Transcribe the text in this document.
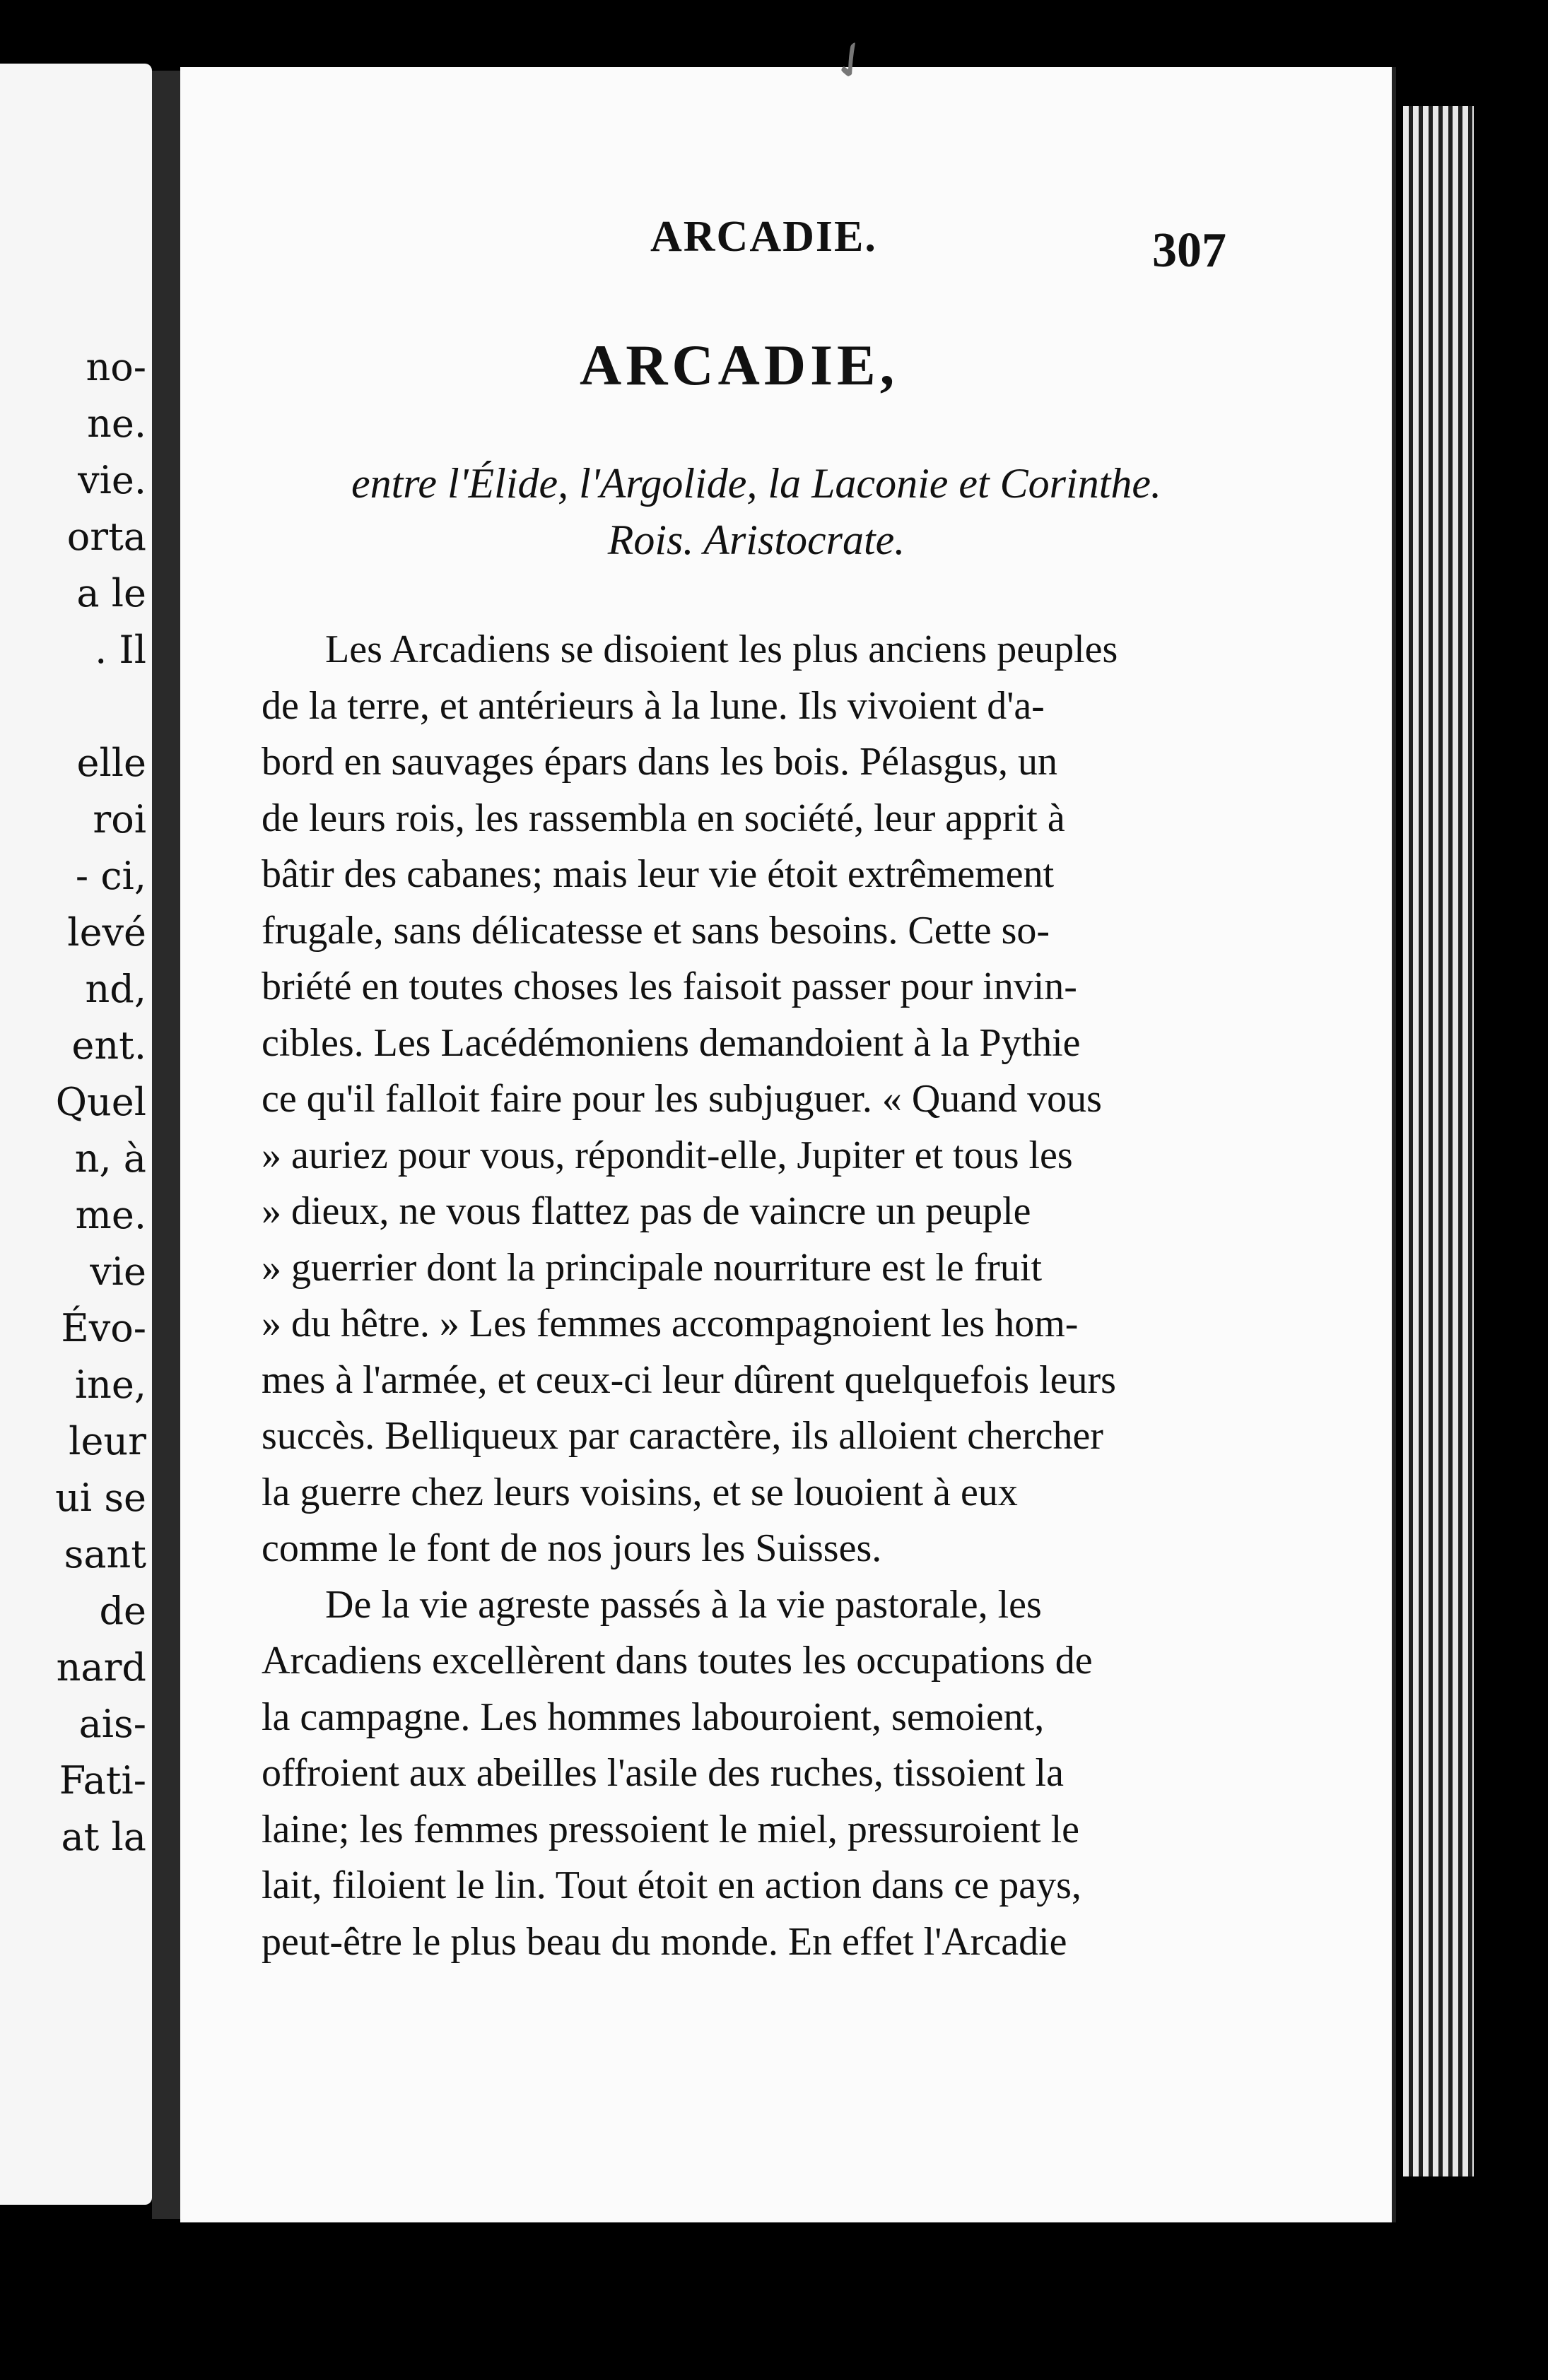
no-
ne.
vie.
orta
a le
. Il

elle
roi
- ci,
levé
nd,
ent.
Quel
n, à
me.
vie
Évo-
ine,
leur
ui se
sant
de
nard
ais-
Fati-
at la
✓
ARCADIE.	307
ARCADIE,
entre l'Élide, l'Argolide, la Laconie et Corinthe.
Rois. Aristocrate.
Les Arcadiens se disoient les plus anciens peuples
de la terre, et antérieurs à la lune. Ils vivoient d'a-
bord en sauvages épars dans les bois. Pélasgus, un
de leurs rois, les rassembla en société, leur apprit à
bâtir des cabanes; mais leur vie étoit extrêmement
frugale, sans délicatesse et sans besoins. Cette so-
briété en toutes choses les faisoit passer pour invin-
cibles. Les Lacédémoniens demandoient à la Pythie
ce qu'il falloit faire pour les subjuguer. « Quand vous
» auriez pour vous, répondit-elle, Jupiter et tous les
» dieux, ne vous flattez pas de vaincre un peuple
» guerrier dont la principale nourriture est le fruit
» du hêtre. » Les femmes accompagnoient les hom-
mes à l'armée, et ceux-ci leur dûrent quelquefois leurs
succès. Belliqueux par caractère, ils alloient chercher
la guerre chez leurs voisins, et se louoient à eux
comme le font de nos jours les Suisses.
De la vie agreste passés à la vie pastorale, les
Arcadiens excellèrent dans toutes les occupations de
la campagne. Les hommes labouroient, semoient,
offroient aux abeilles l'asile des ruches, tissoient la
laine; les femmes pressoient le miel, pressuroient le
lait, filoient le lin. Tout étoit en action dans ce pays,
peut-être le plus beau du monde. En effet l'Arcadie
